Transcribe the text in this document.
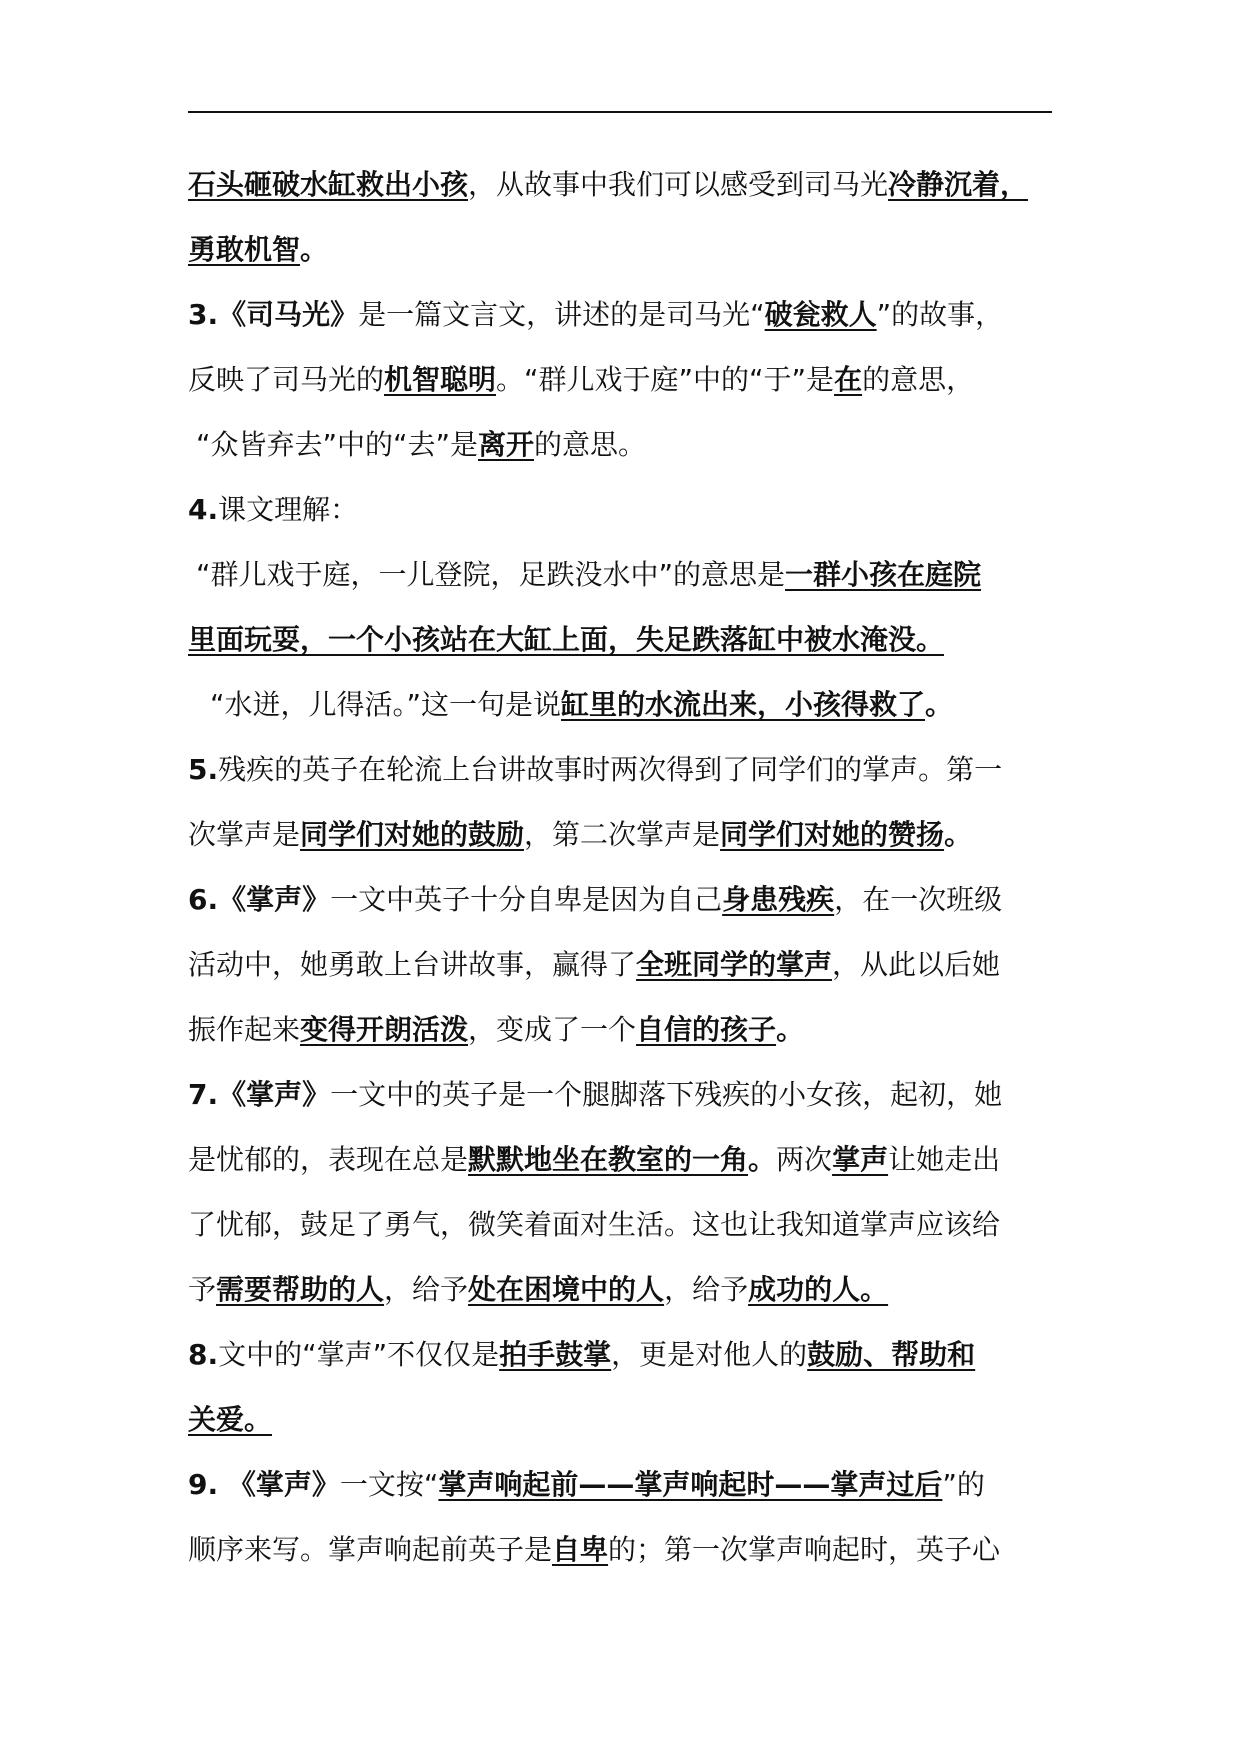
石头砸破水缸救出小孩，从故事中我们可以感受到司马光冷静沉着，
勇敢机智。
3.《司马光》是一篇文言文，讲述的是司马光“破瓮救人”的故事，
反映了司马光的机智聪明。“群儿戏于庭”中的“于”是在的意思，
“众皆弃去”中的“去”是离开的意思。
4.课文理解：
“群儿戏于庭，一儿登院，足跌没水中”的意思是一群小孩在庭院
里面玩耍，一个小孩站在大缸上面，失足跌落缸中被水淹没。
“水迸，儿得活。”这一句是说缸里的水流出来，小孩得救了。
5.残疾的英子在轮流上台讲故事时两次得到了同学们的掌声。第一
次掌声是同学们对她的鼓励，第二次掌声是同学们对她的赞扬。
6.《掌声》一文中英子十分自卑是因为自己身患残疾，在一次班级
活动中，她勇敢上台讲故事，赢得了全班同学的掌声，从此以后她
振作起来变得开朗活泼，变成了一个自信的孩子。
7.《掌声》一文中的英子是一个腿脚落下残疾的小女孩，起初，她
是忧郁的，表现在总是默默地坐在教室的一角。两次掌声让她走出
了忧郁，鼓足了勇气，微笑着面对生活。这也让我知道掌声应该给
予需要帮助的人，给予处在困境中的人，给予成功的人。
8.文中的“掌声”不仅仅是拍手鼓掌，更是对他人的鼓励、帮助和
关爱。
9. 《掌声》一文按“掌声响起前——掌声响起时——掌声过后”的
顺序来写。掌声响起前英子是自卑的；第一次掌声响起时，英子心
